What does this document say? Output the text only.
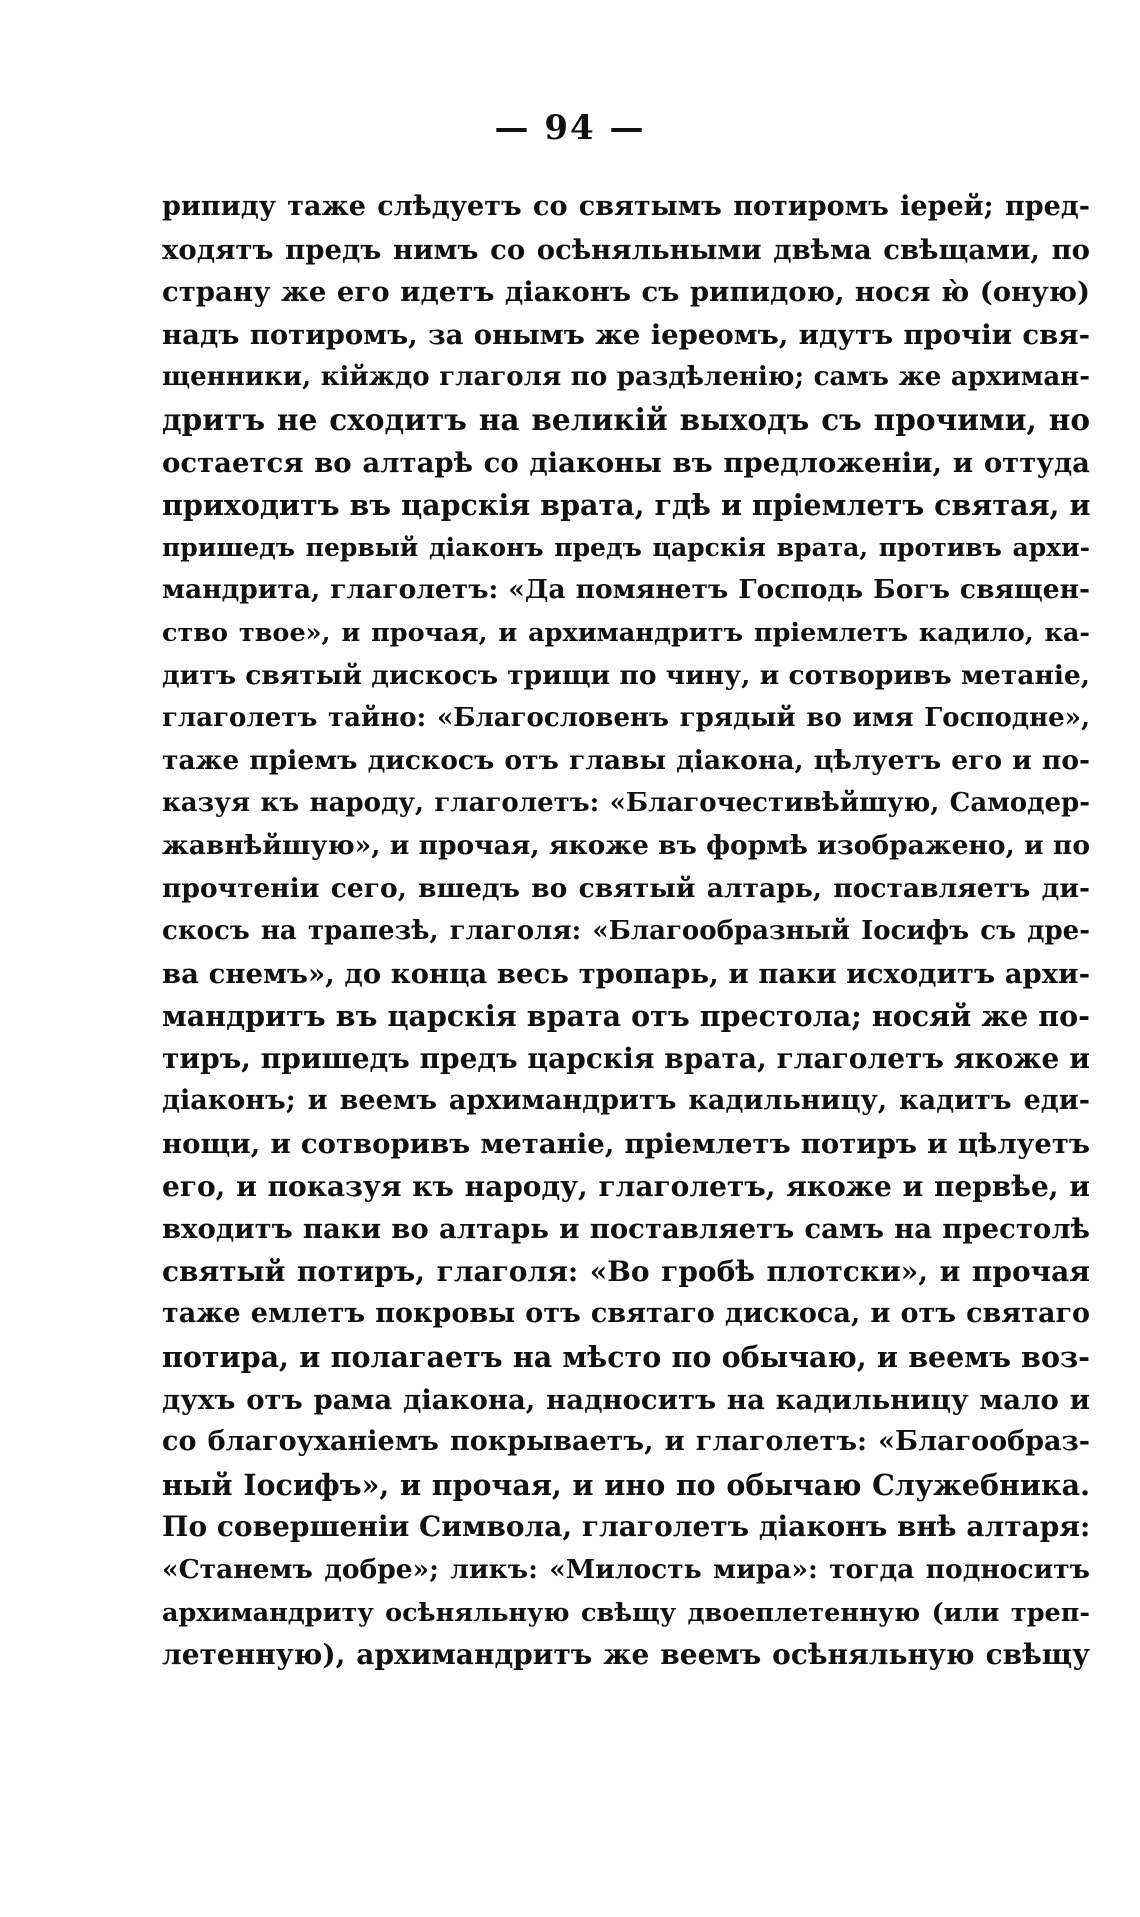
— 94 —
рипиду таже слѣдуетъ со святымъ потиромъ іерей; пред-
ходятъ предъ нимъ со осѣняльными двѣма свѣщами, по
страну же его идетъ діаконъ съ рипидою, нося ю̀ (оную)
надъ потиромъ, за онымъ же іереомъ, идутъ прочіи свя-
щенники, кійждо глаголя по раздѣленію; самъ же архиман-
дритъ не сходитъ на великій выходъ съ прочими, но
остается во алтарѣ со діаконы въ предложеніи, и оттуда
приходитъ въ царскія врата, гдѣ и пріемлетъ святая, и
пришедъ первый діаконъ предъ царскія врата, противъ архи-
мандрита, глаголетъ: «Да помянетъ Господь Богъ священ-
ство твое», и прочая, и архимандритъ пріемлетъ кадило, ка-
дитъ святый дискосъ трищи по чину, и сотворивъ метаніе,
глаголетъ тайно: «Благословенъ грядый во имя Господне»,
таже пріемъ дискосъ отъ главы діакона, цѣлуетъ его и по-
казуя къ народу, глаголетъ: «Благочестивѣйшую, Самодер-
жавнѣйшую», и прочая, якоже въ формѣ изображено, и по
прочтеніи сего, вшедъ во святый алтарь, поставляетъ ди-
скосъ на трапезѣ, глаголя: «Благообразный Іосифъ съ дре-
ва снемъ», до конца весь тропарь, и паки исходитъ архи-
мандритъ въ царскія врата отъ престола; носяй же по-
тиръ, пришедъ предъ царскія врата, глаголетъ якоже и
діаконъ; и веемъ архимандритъ кадильницу, кадитъ еди-
нощи, и сотворивъ метаніе, пріемлетъ потиръ и цѣлуетъ
его, и показуя къ народу, глаголетъ, якоже и первѣе, и
входитъ паки во алтарь и поставляетъ самъ на престолѣ
святый потиръ, глаголя: «Во гробѣ плотски», и прочая
таже емлетъ покровы отъ святаго дискоса, и отъ святаго
потира, и полагаетъ на мѣсто по обычаю, и веемъ воз-
духъ отъ рама діакона, надноситъ на кадильницу мало и
со благоуханіемъ покрываетъ, и глаголетъ: «Благообраз-
ный Іосифъ», и прочая, и ино по обычаю Служебника.
По совершеніи Символа, глаголетъ діаконъ внѣ алтаря:
«Станемъ добре»; ликъ: «Милость мира»: тогда подноситъ
архимандриту осѣняльную свѣщу двоеплетенную (или треп-
летенную), архимандритъ же веемъ осѣняльную свѣщу
